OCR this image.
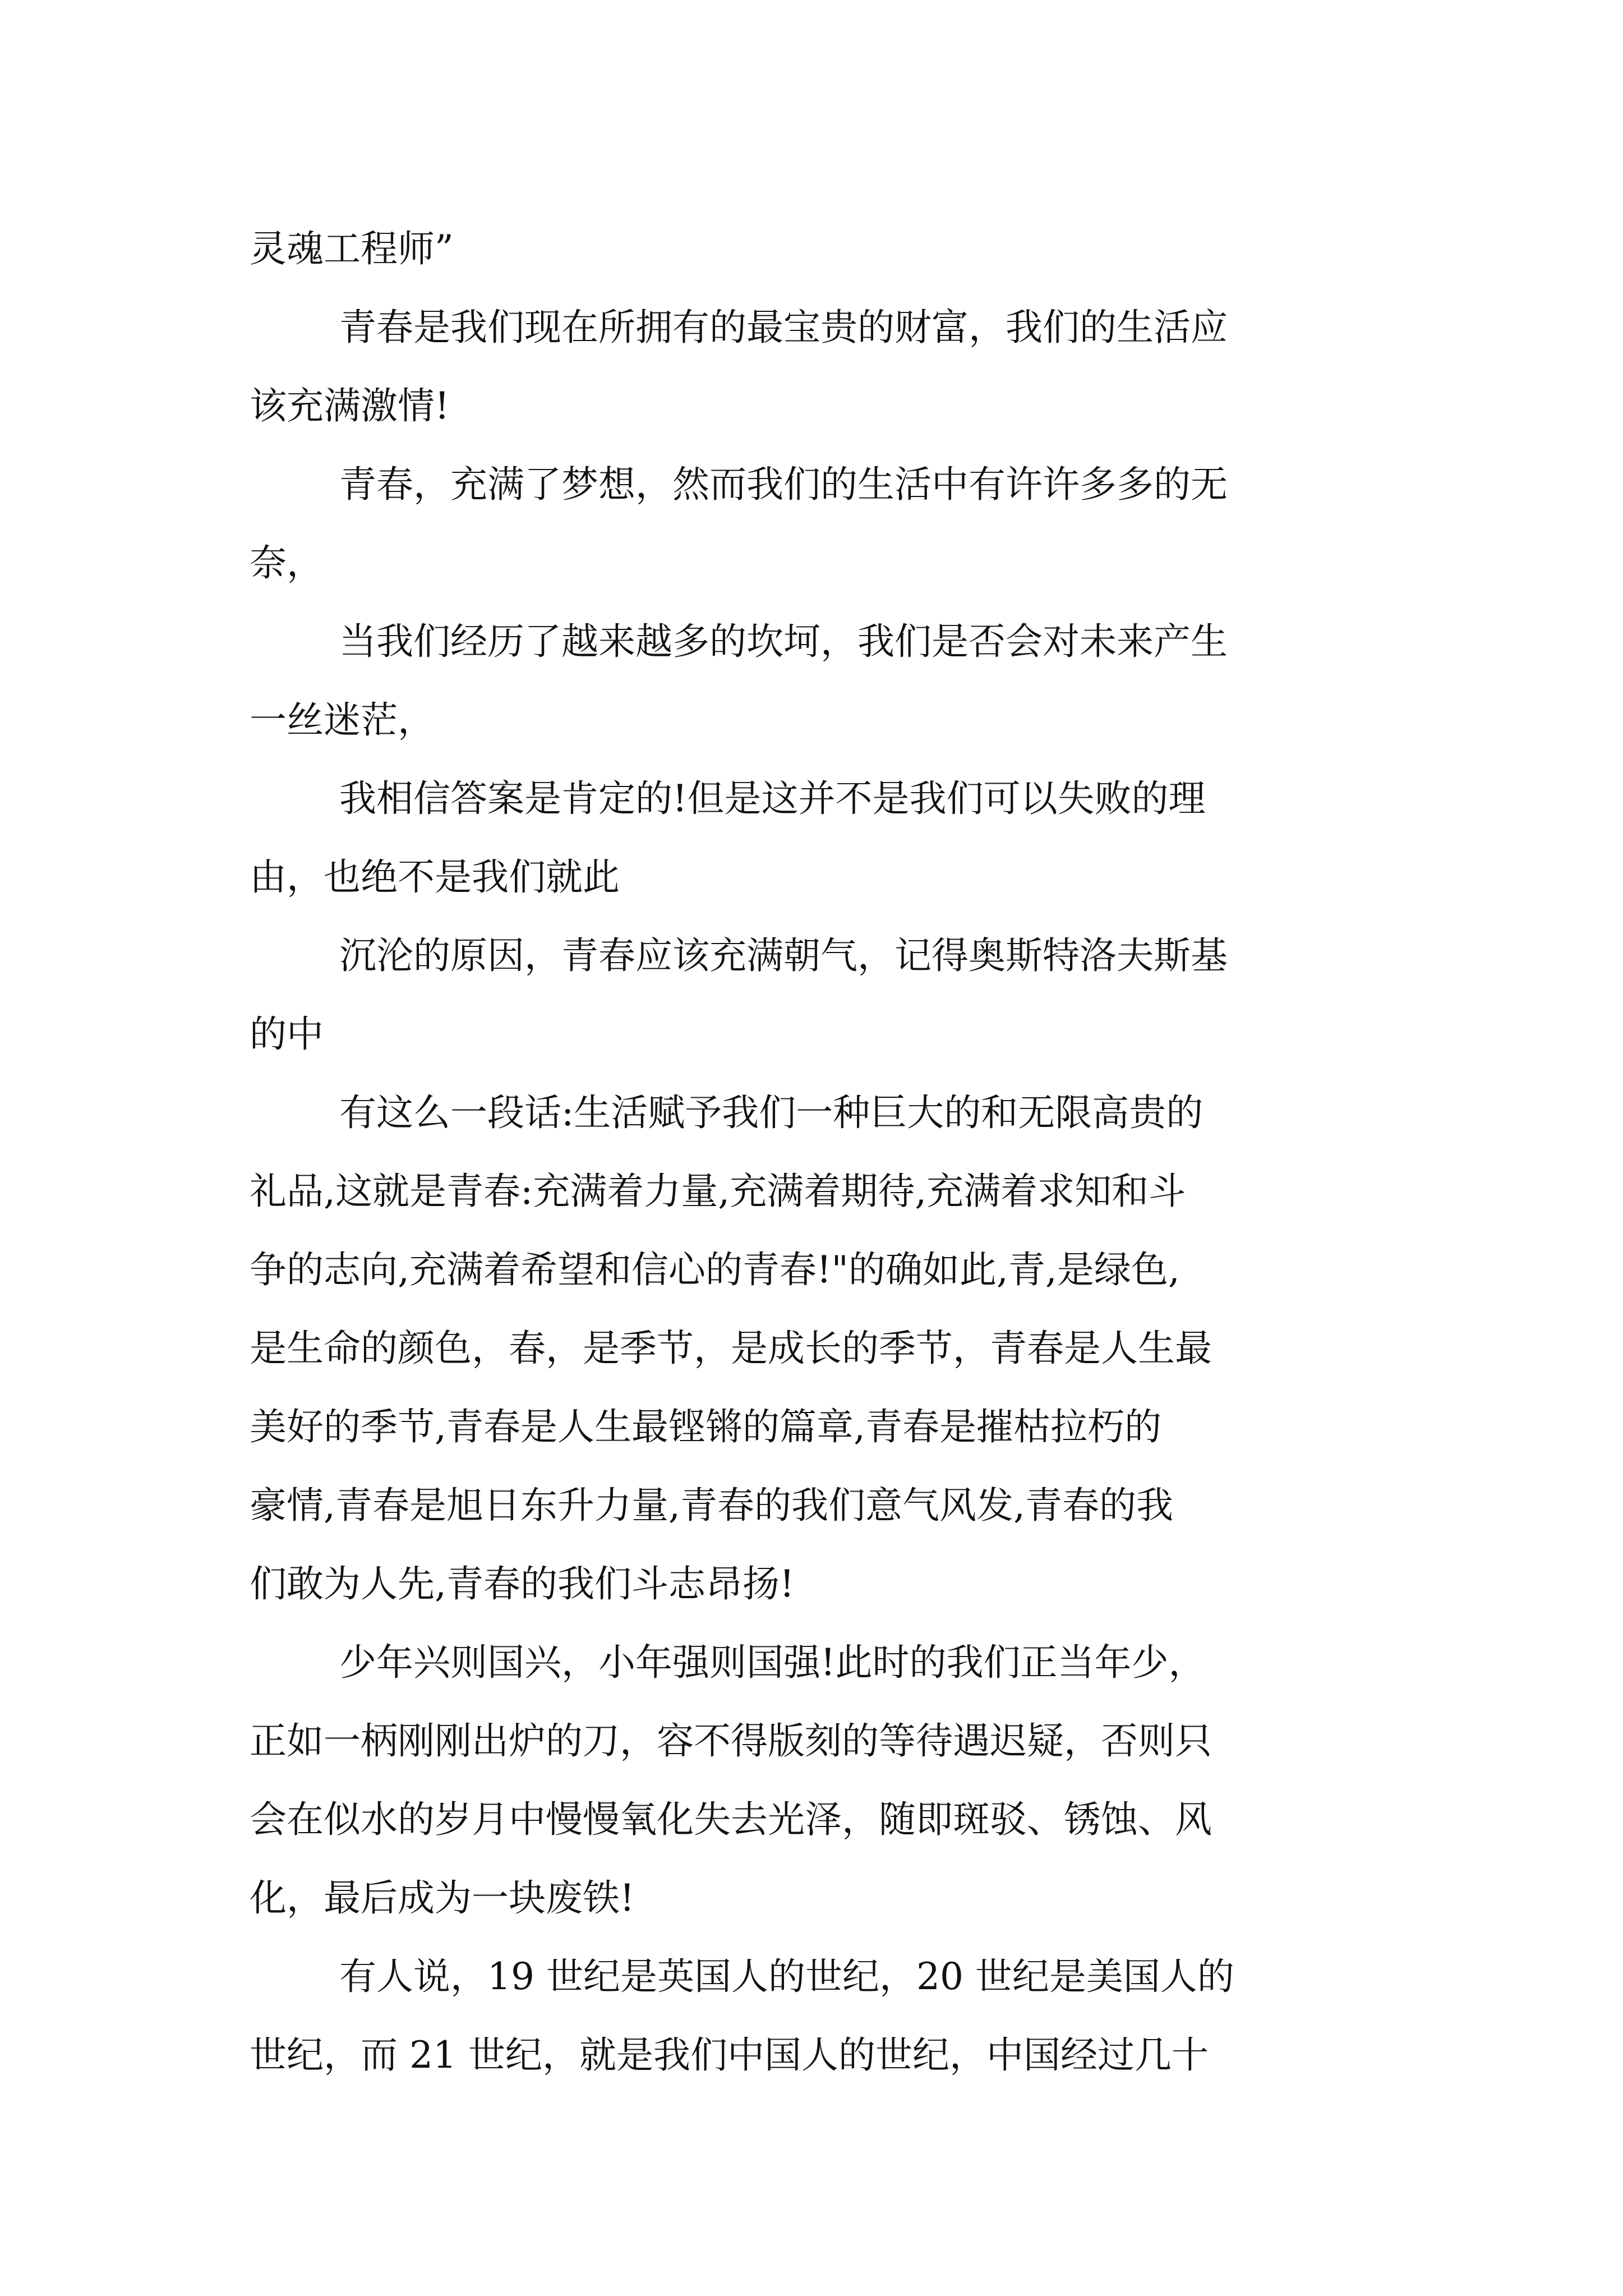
灵魂工程师”
青春是我们现在所拥有的最宝贵的财富，我们的生活应
该充满激情!
青春，充满了梦想，然而我们的生活中有许许多多的无
奈，
当我们经历了越来越多的坎坷，我们是否会对未来产生
一丝迷茫，
我相信答案是肯定的!但是这并不是我们可以失败的理
由，也绝不是我们就此
沉沦的原因，青春应该充满朝气，记得奥斯特洛夫斯基
的中
有这么一段话:生活赋予我们一种巨大的和无限高贵的
礼品,这就是青春:充满着力量,充满着期待,充满着求知和斗
争的志向,充满着希望和信心的青春!"的确如此,青,是绿色,
是生命的颜色，春，是季节，是成长的季节，青春是人生最
美好的季节,青春是人生最铿锵的篇章,青春是摧枯拉朽的
豪情,青春是旭日东升力量,青春的我们意气风发,青春的我
们敢为人先,青春的我们斗志昂扬!
少年兴则国兴，小年强则国强!此时的我们正当年少，
正如一柄刚刚出炉的刀，容不得版刻的等待遇迟疑，否则只
会在似水的岁月中慢慢氧化失去光泽，随即斑驳、锈蚀、风
化，最后成为一块废铁!
有人说，19 世纪是英国人的世纪，20 世纪是美国人的
世纪，而 21 世纪，就是我们中国人的世纪，中国经过几十
